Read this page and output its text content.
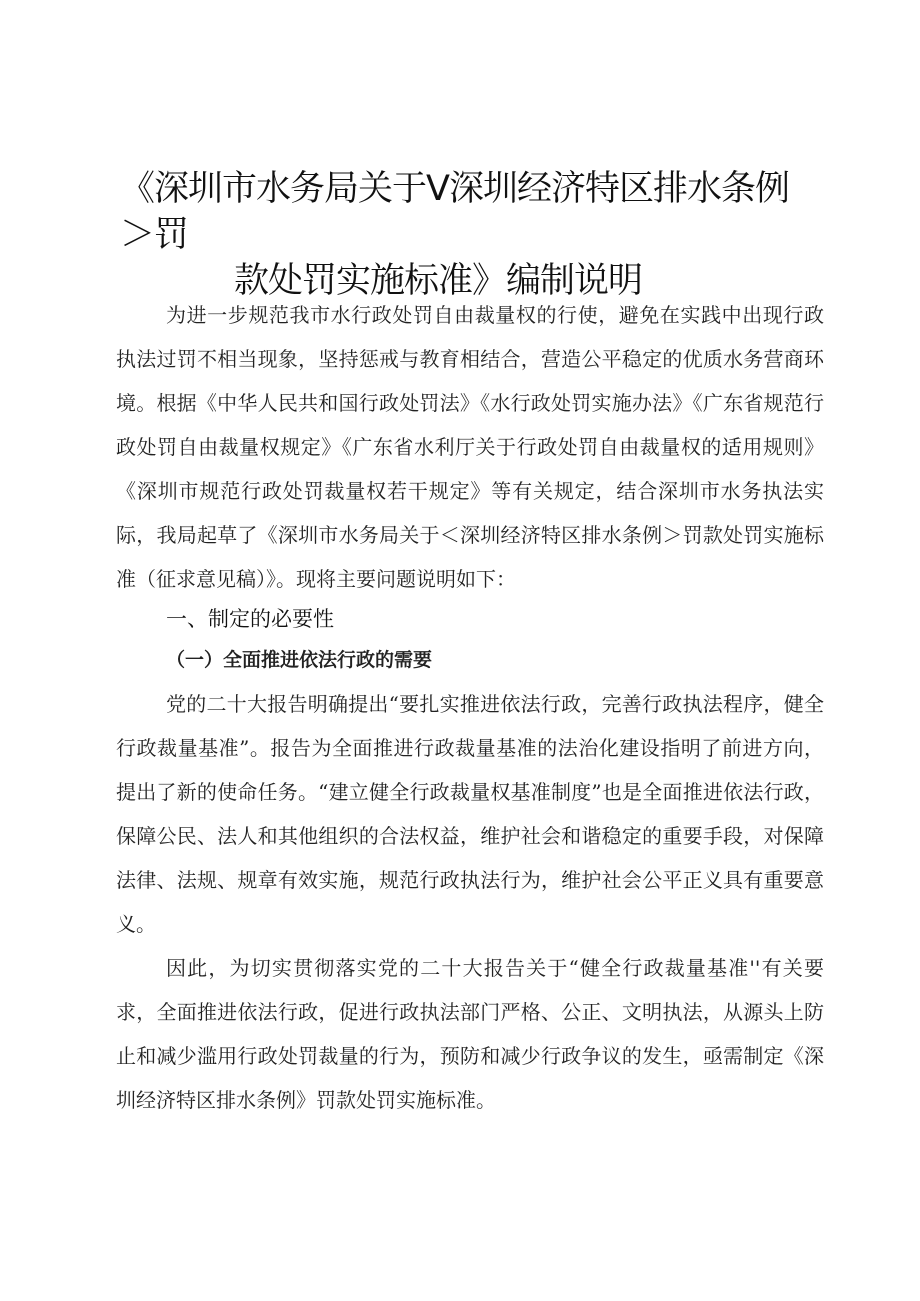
《深圳市水务局关于V深圳经济特区排水条例＞罚
款处罚实施标准》编制说明

为进一步规范我市水行政处罚自由裁量权的行使，避免在实践中出现行政执法过罚不相当现象，坚持惩戒与教育相结合，营造公平稳定的优质水务营商环境。根据《中华人民共和国行政处罚法》《水行政处罚实施办法》《广东省规范行政处罚自由裁量权规定》《广东省水利厅关于行政处罚自由裁量权的适用规则》《深圳市规范行政处罚裁量权若干规定》等有关规定，结合深圳市水务执法实际，我局起草了《深圳市水务局关于＜深圳经济特区排水条例＞罚款处罚实施标准（征求意见稿）》。现将主要问题说明如下：

一、制定的必要性
（一）全面推进依法行政的需要

党的二十大报告明确提出“要扎实推进依法行政，完善行政执法程序，健全行政裁量基准”。报告为全面推进行政裁量基准的法治化建设指明了前进方向，提出了新的使命任务。“建立健全行政裁量权基准制度”也是全面推进依法行政，保障公民、法人和其他组织的合法权益，维护社会和谐稳定的重要手段，对保障法律、法规、规章有效实施，规范行政执法行为，维护社会公平正义具有重要意义。

因此，为切实贯彻落实党的二十大报告关于“健全行政裁量基准''有关要求，全面推进依法行政，促进行政执法部门严格、公正、文明执法，从源头上防止和减少滥用行政处罚裁量的行为，预防和减少行政争议的发生，亟需制定《深圳经济特区排水条例》罚款处罚实施标准。
